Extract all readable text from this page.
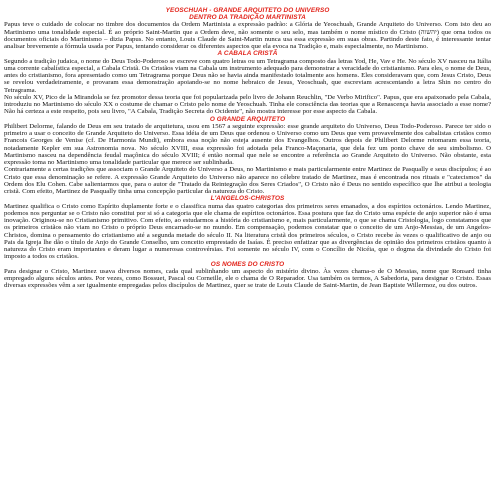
YEOSCHUAH - GRANDE ARQUITETO DO UNIVERSO
DENTRO DA TRADIÇÃO MARTINISTA

Papus teve o cuidado de colocar no timbre dos documentos da Ordem Martinista a expressão padrão: a Glória de Yeoschuah, Grande Arquiteto do Universo. Com isto deu ao Martinismo uma tonalidade especial. É ao próprio Saint-Martin que a Ordem deve, não somente o seu selo, mas também o nome místico do Cristo (יהשוה) que orna todos os documentos oficiais do Martinismo – dizia Papus. No entanto, Louis Claude de Saint-Martin nunca usa essa expressão em suas obras. Partindo deste fato, é interessante tentar analisar brevemente a fórmula usada por Papus, tentando considerar os diferentes aspectos que ela evoca na Tradição e, mais especialmente, no Martinismo.

A CABALA CRISTÃ

Segundo a tradição judaica, o nome do Deus Todo-Poderoso se escreve com quatro letras ou um Tetragrama composto das letras Yod, He, Vav e He. No século XV nasceu na Itália uma corrente cabalística especial, a Cabala Cristã. Os Cristãos viam na Cabala um instrumento adequado para demonstrar a veracidade do cristianismo. Para eles, o nome de Deus, antes do cristianismo, fora apresentado como um Tetragrama porque Deus não se havia ainda manifestado totalmente aos homens. Eles consideravam que, com Jesus Cristo, Deus se revelou verdadeiramente, e provaram essa demonstração apoiando-se no nome hebraico de Jesus, Yeoschuah, que escreviam acrescentando a letra Shin no centro do Tetragrama.

No século XV, Pico de la Mirandola se fez promotor dessa teoria que foi popularizada pelo livro de Johann Reuchlin, "De Verbo Mirifico". Papus, que era apaixonado pela Cabala, introduziu no Martinismo do século XX o costume de chamar o Cristo pelo nome de Yeoschuah. Tinha ele consciência das teorias que a Renascença havia associado a esse nome? Não há certeza a este respeito, pois seu livro, "A Cabala, Tradição Secreta do Ocidente", não mostra interesse por esse aspecto da Cabala.

O GRANDE ARQUITETO

Philibert Delorme, falando de Deus em seu tratado de arquitetura, usou em 1567 a seguinte expressão: esse grande arquiteto do Universo, Deus Todo-Poderoso. Parece ter sido o primeiro a usar o conceito de Grande Arquiteto do Universo. Essa idéia de um Deus que ordenou o Universo como um Deus que vem provavelmente dos cabalistas cristãos como Francois Georges de Venise (cf. De Harmonia Mundi), embora essa noção não esteja ausente dos Evangelhos. Outros depois de Philibert Delorme retomaram essa teoria, notadamente Kepler em sua Astronomia nova. No século XVIII, essa expressão foi adotada pela Franco-Maçonaria, que dela fez um ponto chave de seu simbolismo. O Martinismo nasceu na dependência feudal maçônica do século XVIII; é então normal que nele se encontre a referência ao Grande Arquiteto do Universo. Não obstante, esta expressão toma no Martinismo uma tonalidade particular que merece ser sublinhada.

Contrariamente a certas tradições que associam o Grande Arquiteto do Universo a Deus, no Martinismo e mais particularmente entre Martinez de Pasqually e seus discípulos; é ao Cristo que essa denominação se refere. A expressão Grande Arquiteto do Universo não aparece no célebre tratado de Martinez, mas é encontrada nos rituais e "catecismos" da Ordem dos Elu Cohen. Cabe salientarmos que, para o autor de "Tratado da Reintegração dos Seres Criados", O Cristo não é Deus no sentido específico que lhe atribui a teologia cristã. Com efeito, Martinez de Pasqually tinha uma concepção particular da natureza do Cristo.

L'ANGELOS-CHRISTOS

Martinez qualifica o Cristo como Espírito duplamente forte e o classifica numa das quatro categorias dos primeiros seres emanados, a dos espíritos octonários. Lendo Martinez, podemos nos perguntar se o Cristo não constitui por si só a categoria que ele chama de espíritos octonários. Essa postura que faz do Cristo uma espécie de anjo superior não é uma inovação. Originou-se no Cristianismo primitivo. Com efeito, ao estudarmos a história do cristianismo e, mais particularmente, o que se chama Cristologia, logo constatamos que os primeiros cristãos não viam no Cristo o próprio Deus encarnado-se no mundo. Em compensação, podemos constatar que o conceito de um Anjo-Messias, de um Angelos-Christos, domina o pensamento do cristianismo até a segunda metade do século II. Na literatura cristã dos primeiros séculos, o Cristo recebe às vezes o qualificativo de anjo ou Pais da Igreja lhe dão o título de Anjo do Grande Conselho, um conceito emprestado de Isaías. É preciso enfatizar que as divergências de opinião dos primeiros cristãos quanto à natureza do Cristo eram importantes e deram lugar a numerosas controvérsias. Foi somente no século IV, com o Concílio de Nicéia, que o dogma da divindade do Cristo foi imposto a todos os cristãos.

OS NOMES DO CRISTO

Para designar o Cristo, Martinez usava diversos nomes, cada qual sublinhando um aspecto do mistério divino. Às vezes chama-o de O Messias, nome que Ronsard tinha empregado alguns séculos antes. Por vezes, como Bossuet, Pascal ou Corneille, ele o chama de O Reparador. Usa também os termos, A Sabedoria, para designar o Cristo. Essas diversas expressões vêm a ser igualmente empregadas pelos discípulos de Martinez, quer se trate de Louis Claude de Saint-Martin, de Jean Baptiste Willermoz, ou dos outros.
